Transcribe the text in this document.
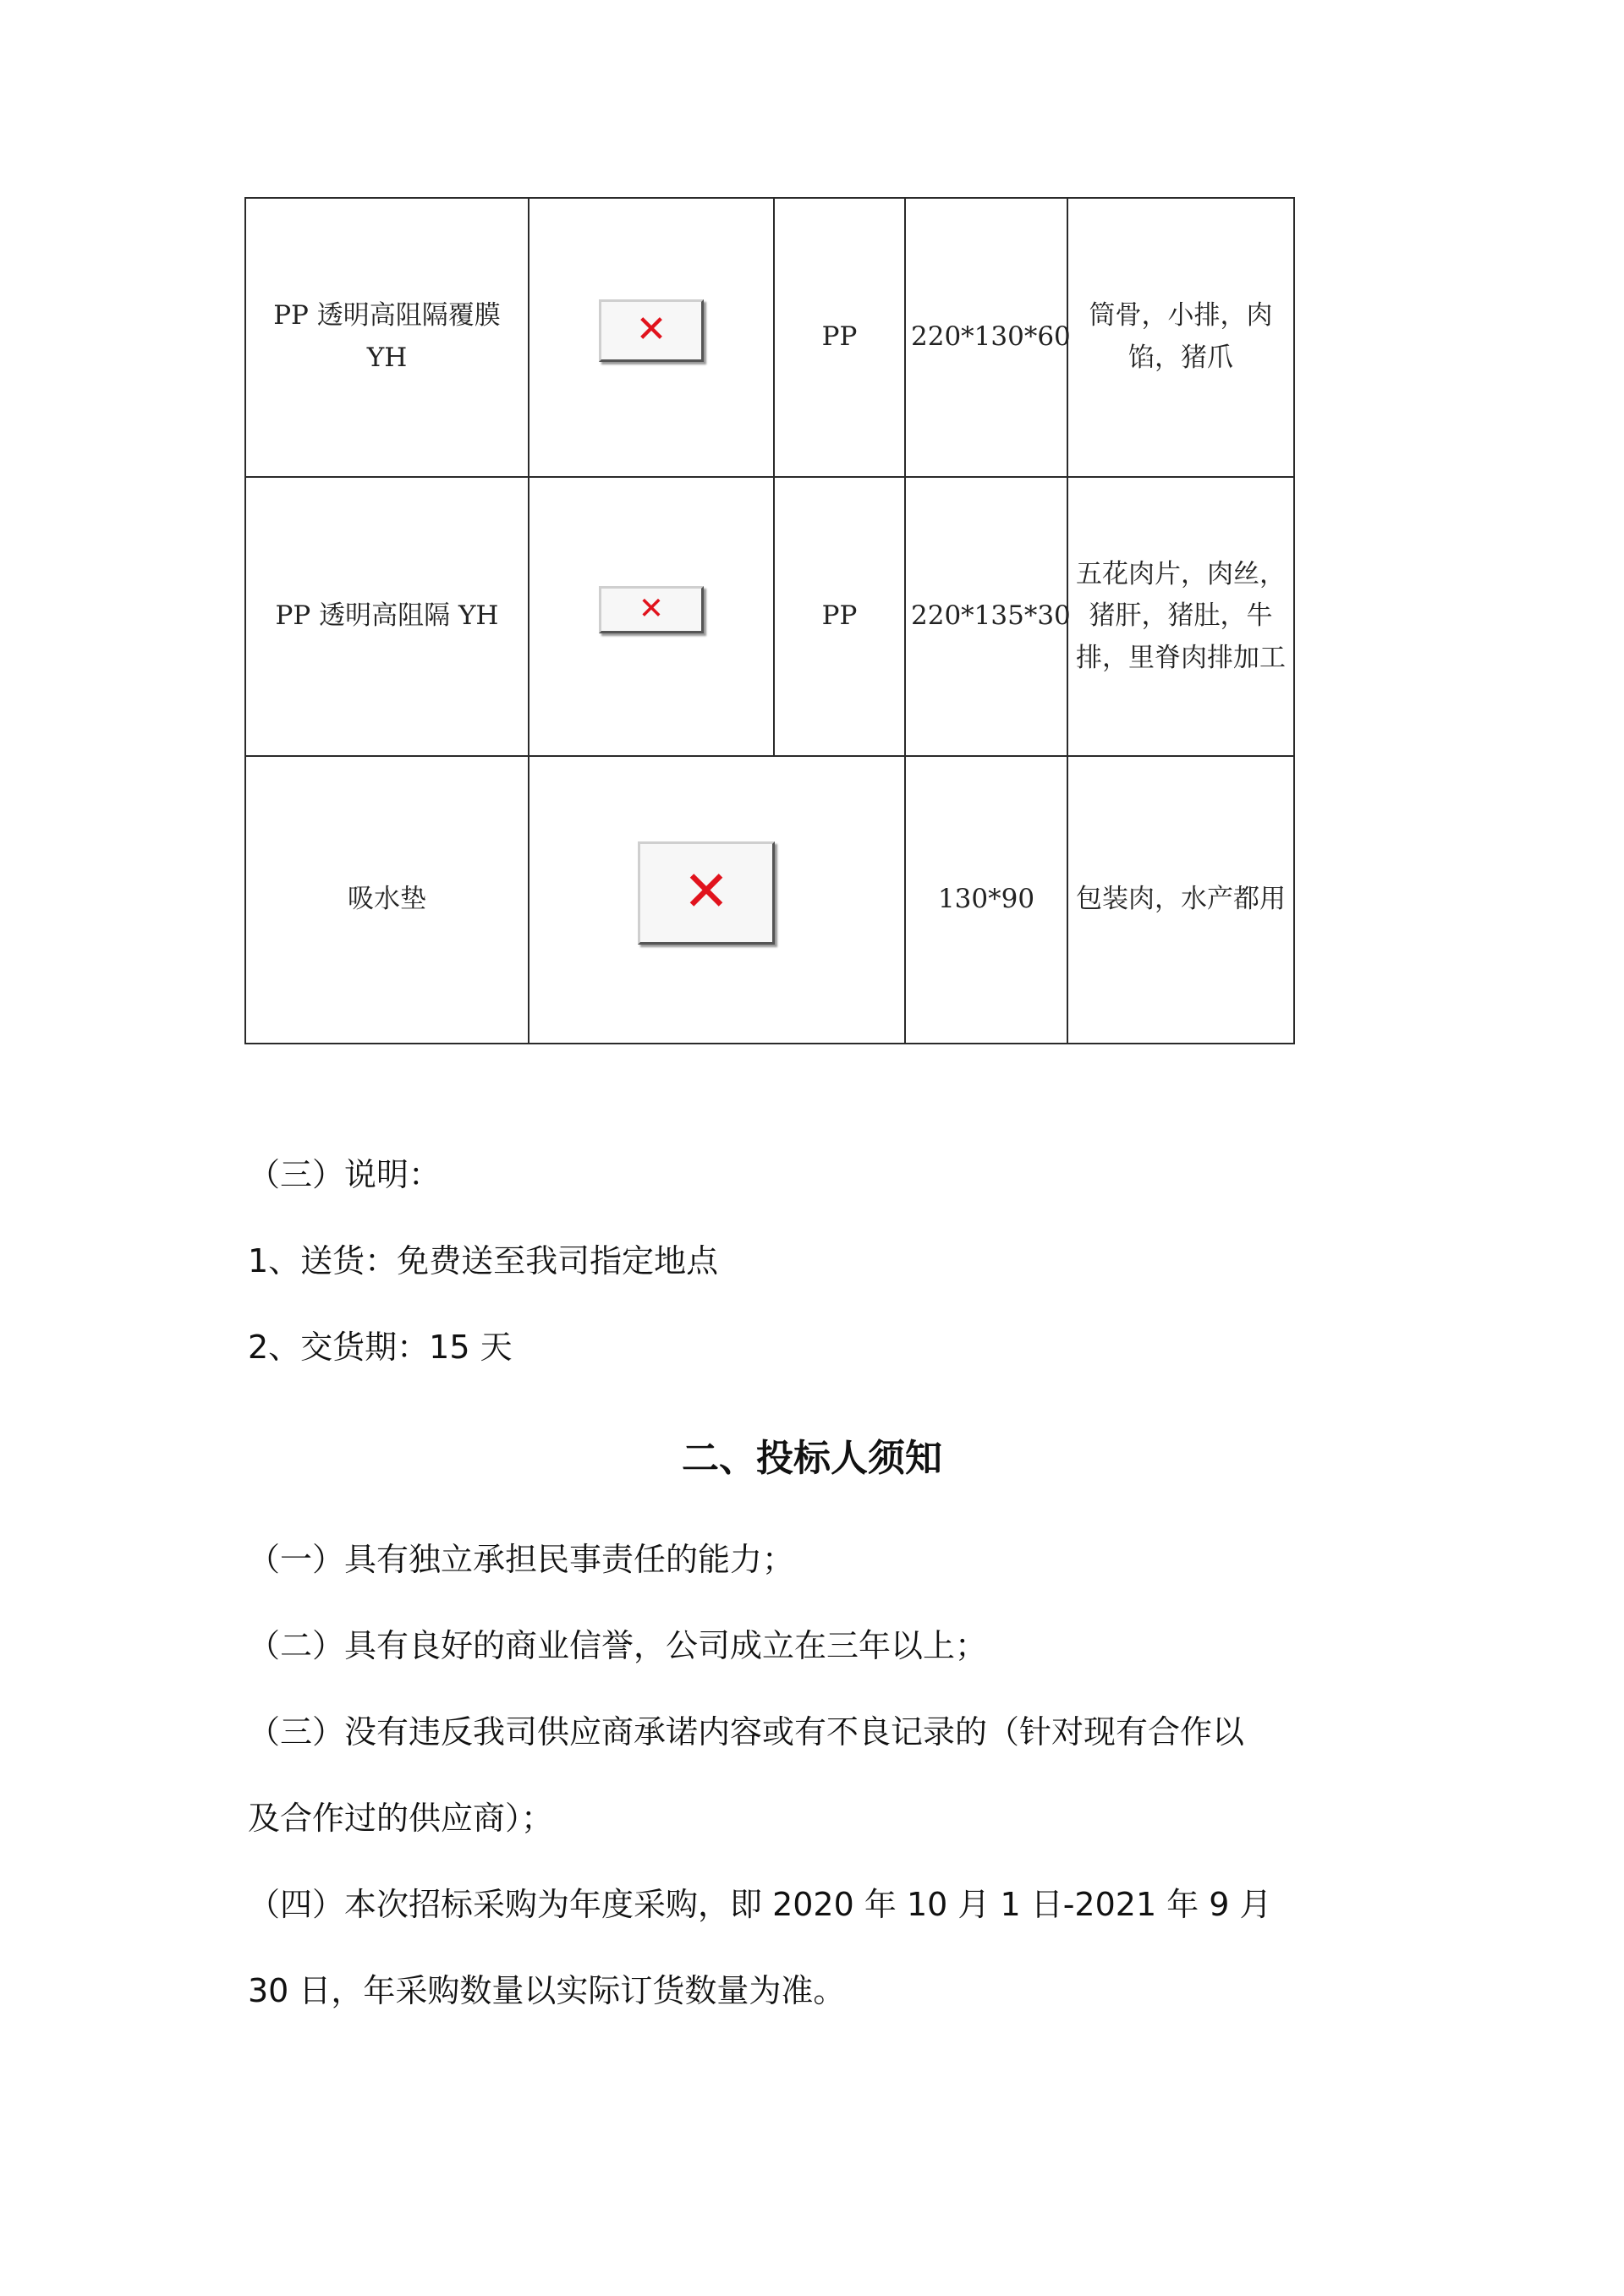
PP 透明高阻隔覆膜 YH	✕	PP	220*130*60	筒骨，小排，肉馅，猪爪
PP 透明高阻隔 YH	✕	PP	220*135*30	五花肉片，肉丝，猪肝，猪肚，牛排，里脊肉排加工
吸水垫	✕		130*90	包装肉，水产都用
（三）说明：
1、送货：免费送至我司指定地点
2、交货期：15 天
二、投标人须知
（一）具有独立承担民事责任的能力；
（二）具有良好的商业信誉，公司成立在三年以上；
（三）没有违反我司供应商承诺内容或有不良记录的（针对现有合作以
及合作过的供应商）；
（四）本次招标采购为年度采购，即 2020 年 10 月 1 日-2021 年 9 月
30 日，年采购数量以实际订货数量为准。
